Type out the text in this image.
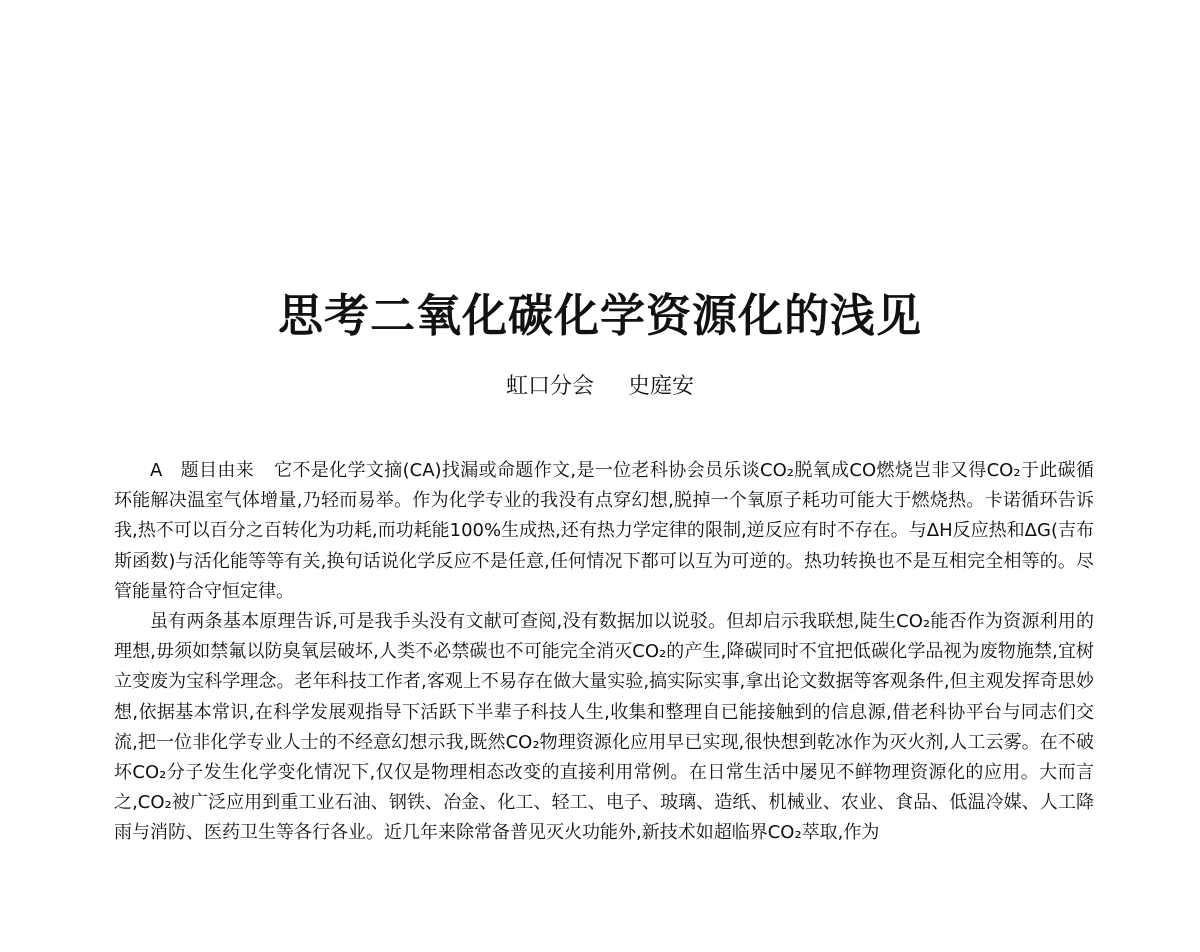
思考二氧化碳化学资源化的浅见
虹口分会 史庭安

A 题目由来 它不是化学文摘(CA)找漏或命题作文,是一位老科协会员乐谈CO₂脱氧成CO燃烧岂非又得CO₂于此碳循环能解决温室气体增量,乃轻而易举。作为化学专业的我没有点穿幻想,脱掉一个氧原子耗功可能大于燃烧热。卡诺循环告诉我,热不可以百分之百转化为功耗,而功耗能100%生成热,还有热力学定律的限制,逆反应有时不存在。与ΔH反应热和ΔG(吉布斯函数)与活化能等等有关,换句话说化学反应不是任意,任何情况下都可以互为可逆的。热功转换也不是互相完全相等的。尽管能量符合守恒定律。

虽有两条基本原理告诉,可是我手头没有文献可查阅,没有数据加以说驳。但却启示我联想,陡生CO₂能否作为资源利用的理想,毋须如禁氟以防臭氧层破坏,人类不必禁碳也不可能完全消灭CO₂的产生,降碳同时不宜把低碳化学品视为废物施禁,宜树立变废为宝科学理念。老年科技工作者,客观上不易存在做大量实验,搞实际实事,拿出论文数据等客观条件,但主观发挥奇思妙想,依据基本常识,在科学发展观指导下活跃下半辈子科技人生,收集和整理自已能接触到的信息源,借老科协平台与同志们交流,把一位非化学专业人士的不经意幻想示我,既然CO₂物理资源化应用早已实现,很快想到乾冰作为灭火剂,人工云雾。在不破坏CO₂分子发生化学变化情况下,仅仅是物理相态改变的直接利用常例。在日常生活中屡见不鲜物理资源化的应用。大而言之,CO₂被广泛应用到重工业石油、钢铁、冶金、化工、轻工、电子、玻璃、造纸、机械业、农业、食品、低温冷媒、人工降雨与消防、医药卫生等各行各业。近几年来除常备普见灭火功能外,新技术如超临界CO₂萃取,作为
